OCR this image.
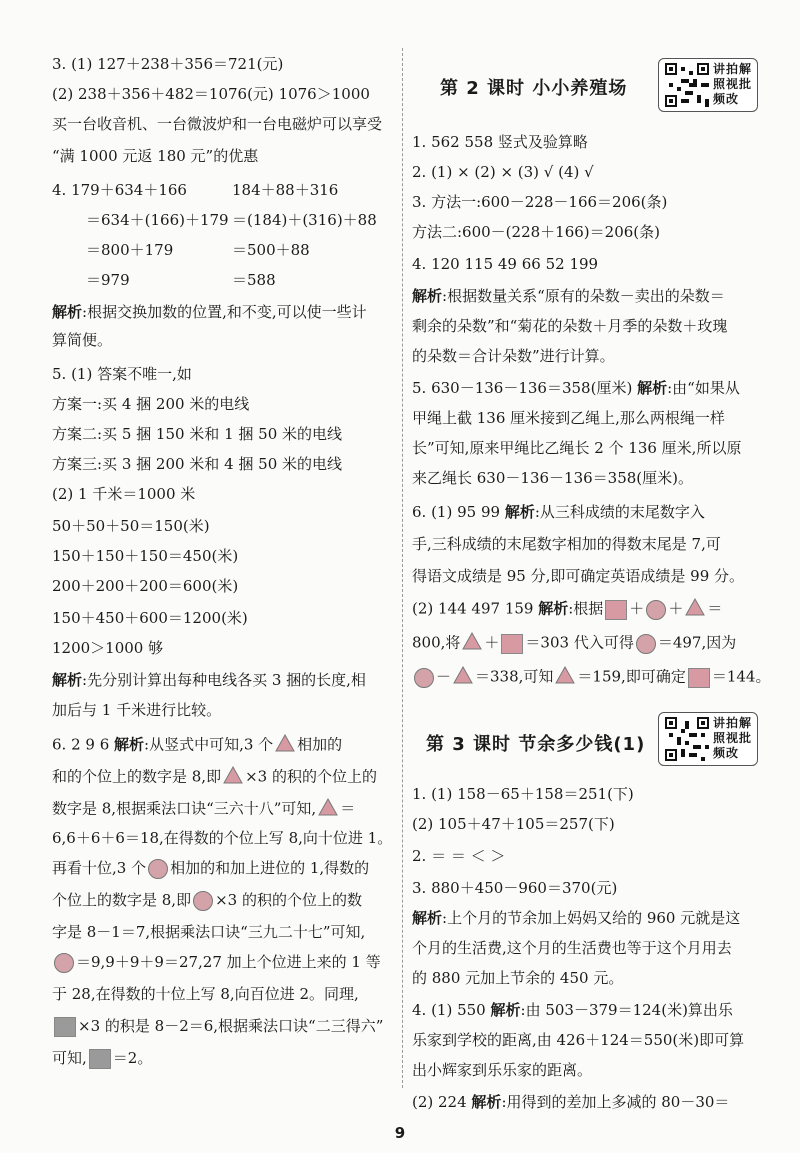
3. (1) 127＋238＋356＝721(元)
(2) 238＋356＋482＝1076(元) 1076＞1000
买一台收音机、一台微波炉和一台电磁炉可以享受
“满 1000 元返 180 元”的优惠
4. 179＋634＋166	184＋88＋316
＝634＋(166)＋179 ＝(184)＋(316)＋88
＝800＋179	＝500＋88
＝979	＝588
解析:根据交换加数的位置,和不变,可以使一些计
算简便。
5. (1) 答案不唯一,如
方案一:买 4 捆 200 米的电线
方案二:买 5 捆 150 米和 1 捆 50 米的电线
方案三:买 3 捆 200 米和 4 捆 50 米的电线
(2) 1 千米＝1000 米
50＋50＋50＝150(米)
150＋150＋150＝450(米)
200＋200＋200＝600(米)
150＋450＋600＝1200(米)
1200＞1000 够
解析:先分别计算出每种电线各买 3 捆的长度,相
加后与 1 千米进行比较。
6. 2 9 6 解析:从竖式中可知,3 个 相加的
和的个位上的数字是 8,即 ×3 的积的个位上的
数字是 8,根据乘法口诀“三六十八”可知, ＝
6,6＋6＋6＝18,在得数的个位上写 8,向十位进 1。
再看十位,3 个 相加的和加上进位的 1,得数的
个位上的数字是 8,即 ×3 的积的个位上的数
字是 8－1＝7,根据乘法口诀“三九二十七”可知,
＝9,9＋9＋9＝27,27 加上个位进上来的 1 等
于 28,在得数的十位上写 8,向百位进 2。同理,
×3 的积是 8－2＝6,根据乘法口诀“二三得六”
可知, ＝2。
第 2 课时 小小养殖场
讲拍解照视批频改
1. 562 558 竖式及验算略
2. (1) × (2) × (3) √ (4) √
3. 方法一:600－228－166＝206(条)
方法二:600－(228＋166)＝206(条)
4. 120 115 49 66 52 199
解析:根据数量关系“原有的朵数－卖出的朵数＝
剩余的朵数”和“菊花的朵数＋月季的朵数＋玫瑰
的朵数＝合计朵数”进行计算。
5. 630－136－136＝358(厘米) 解析:由“如果从
甲绳上截 136 厘米接到乙绳上,那么两根绳一样
长”可知,原来甲绳比乙绳长 2 个 136 厘米,所以原
来乙绳长 630－136－136＝358(厘米)。
6. (1) 95 99 解析:从三科成绩的末尾数字入
手,三科成绩的末尾数字相加的得数末尾是 7,可
得语文成绩是 95 分,即可确定英语成绩是 99 分。
(2) 144 497 159 解析:根据 ＋ ＋ ＝
800,将 ＋ ＝303 代入可得 ＝497,因为
－ ＝338,可知 ＝159,即可确定 ＝144。
第 3 课时 节余多少钱(1)
讲拍解照视批频改
1. (1) 158－65＋158＝251(下)
(2) 105＋47＋105＝257(下)
2. ＝ ＝ ＜ ＞
3. 880＋450－960＝370(元)
解析:上个月的节余加上妈妈又给的 960 元就是这
个月的生活费,这个月的生活费也等于这个月用去
的 880 元加上节余的 450 元。
4. (1) 550 解析:由 503－379＝124(米)算出乐
乐家到学校的距离,由 426＋124＝550(米)即可算
出小辉家到乐乐家的距离。
(2) 224 解析:用得到的差加上多减的 80－30＝
9
